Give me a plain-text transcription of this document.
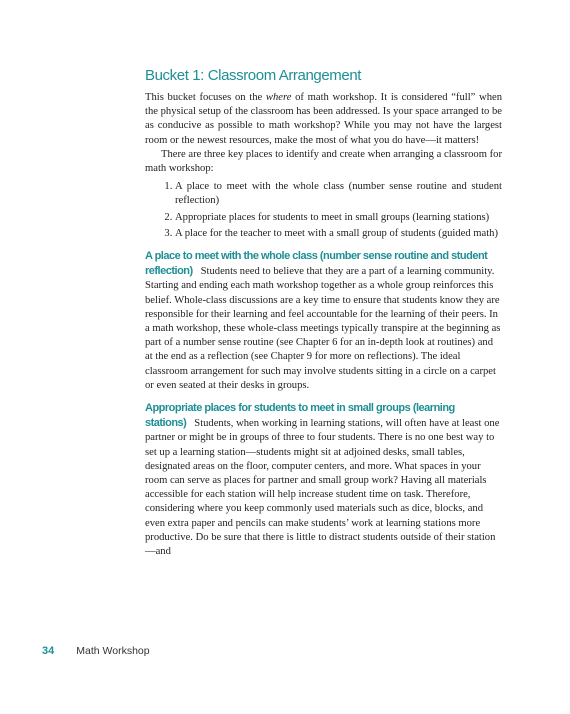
Bucket 1: Classroom Arrangement

This bucket focuses on the where of math workshop. It is considered “full” when the physical setup of the classroom has been addressed. Is your space arranged to be as conducive as possible to math workshop? While you may not have the largest room or the newest resources, make the most of what you do have—it matters!

There are three key places to identify and create when arranging a classroom for math workshop:

1. A place to meet with the whole class (number sense routine and student reflection)
2. Appropriate places for students to meet in small groups (learning stations)
3. A place for the teacher to meet with a small group of students (guided math)

A place to meet with the whole class (number sense routine and student reflection) Students need to believe that they are a part of a learning community. Starting and ending each math workshop together as a whole group reinforces this belief. Whole-class discussions are a key time to ensure that students know they are responsible for their learning and feel accountable for the learning of their peers. In a math workshop, these whole-class meetings typically transpire at the beginning as part of a number sense routine (see Chapter 6 for an in-depth look at routines) and at the end as a reflection (see Chapter 9 for more on reflections). The ideal classroom arrangement for such may involve students sitting in a circle on a carpet or even seated at their desks in groups.

Appropriate places for students to meet in small groups (learning stations) Students, when working in learning stations, will often have at least one partner or might be in groups of three to four students. There is no one best way to set up a learning station—students might sit at adjoined desks, small tables, designated areas on the floor, computer centers, and more. What spaces in your room can serve as places for partner and small group work? Having all materials accessible for each station will help increase student time on task. Therefore, considering where you keep commonly used materials such as dice, blocks, and even extra paper and pencils can make students’ work at learning stations more productive. Do be sure that there is little to distract students outside of their station—and

34 Math Workshop
